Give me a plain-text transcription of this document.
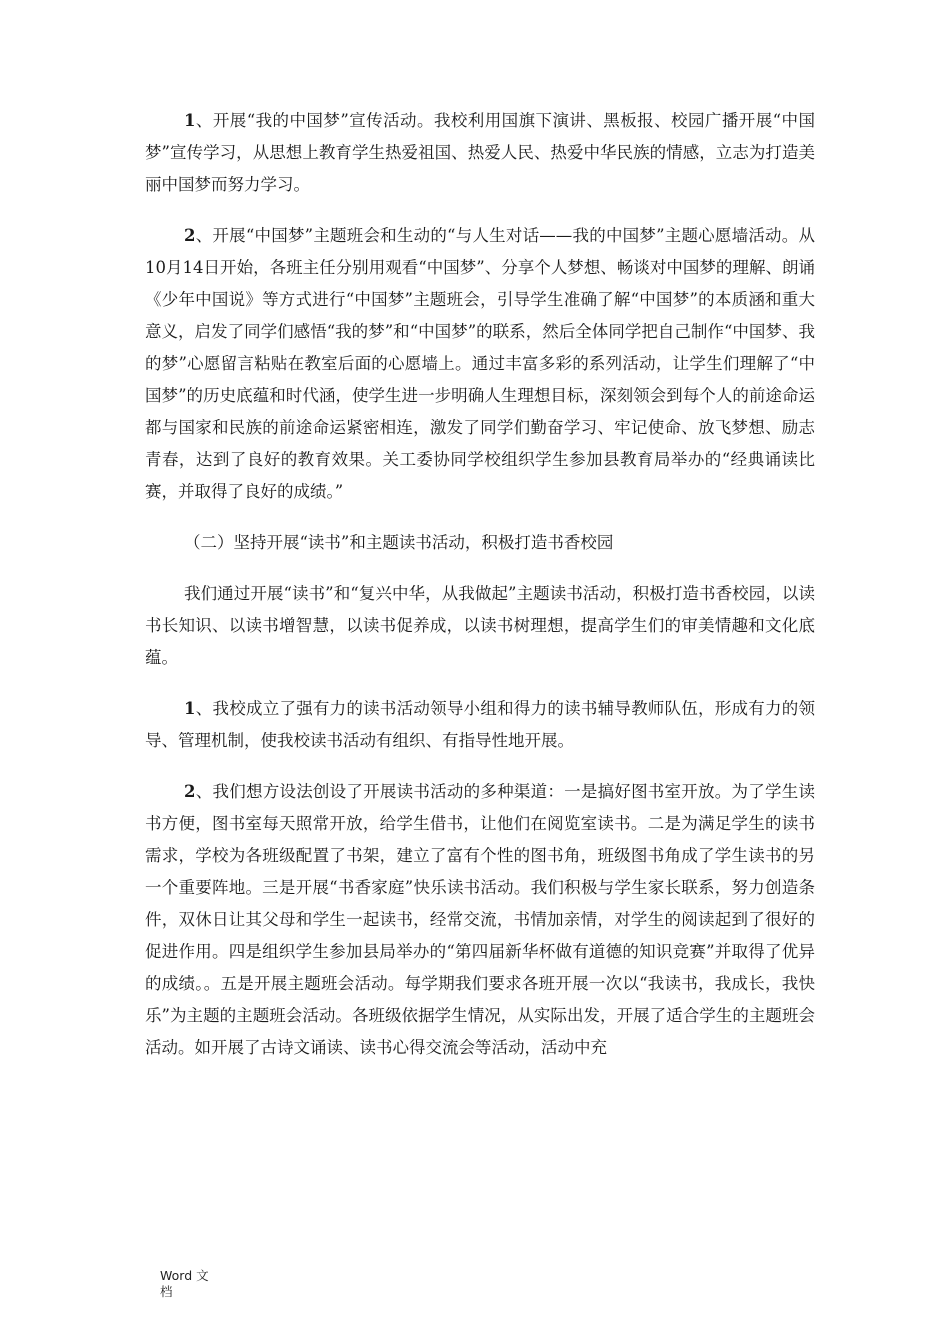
1、开展“我的中国梦”宣传活动。我校利用国旗下演讲、黑板报、校园广播开展“中国梦”宣传学习，从思想上教育学生热爱祖国、热爱人民、热爱中华民族的情感，立志为打造美丽中国梦而努力学习。

2、开展“中国梦”主题班会和生动的“与人生对话——我的中国梦”主题心愿墙活动。从10月14日开始，各班主任分别用观看“中国梦”、分享个人梦想、畅谈对中国梦的理解、朗诵《少年中国说》等方式进行“中国梦”主题班会，引导学生准确了解“中国梦”的本质涵和重大意义，启发了同学们感悟“我的梦”和“中国梦”的联系，然后全体同学把自己制作“中国梦、我的梦”心愿留言粘贴在教室后面的心愿墙上。通过丰富多彩的系列活动，让学生们理解了“中国梦”的历史底蕴和时代涵，使学生进一步明确人生理想目标，深刻领会到每个人的前途命运都与国家和民族的前途命运紧密相连，激发了同学们勤奋学习、牢记使命、放飞梦想、励志青春，达到了良好的教育效果。关工委协同学校组织学生参加县教育局举办的“经典诵读比赛，并取得了良好的成绩。”

（二）坚持开展“读书”和主题读书活动，积极打造书香校园

我们通过开展“读书”和“复兴中华，从我做起”主题读书活动，积极打造书香校园，以读书长知识、以读书增智慧，以读书促养成，以读书树理想，提高学生们的审美情趣和文化底蕴。

1、我校成立了强有力的读书活动领导小组和得力的读书辅导教师队伍，形成有力的领导、管理机制，使我校读书活动有组织、有指导性地开展。

2、我们想方设法创设了开展读书活动的多种渠道：一是搞好图书室开放。为了学生读书方便，图书室每天照常开放，给学生借书，让他们在阅览室读书。二是为满足学生的读书需求，学校为各班级配置了书架，建立了富有个性的图书角，班级图书角成了学生读书的另一个重要阵地。三是开展“书香家庭”快乐读书活动。我们积极与学生家长联系，努力创造条件，双休日让其父母和学生一起读书，经常交流，书情加亲情，对学生的阅读起到了很好的促进作用。四是组织学生参加县局举办的“第四届新华杯做有道德的知识竞赛”并取得了优异的成绩。。五是开展主题班会活动。每学期我们要求各班开展一次以“我读书，我成长，我快乐”为主题的主题班会活动。各班级依据学生情况，从实际出发，开展了适合学生的主题班会活动。如开展了古诗文诵读、读书心得交流会等活动，活动中充

Word 文
档
